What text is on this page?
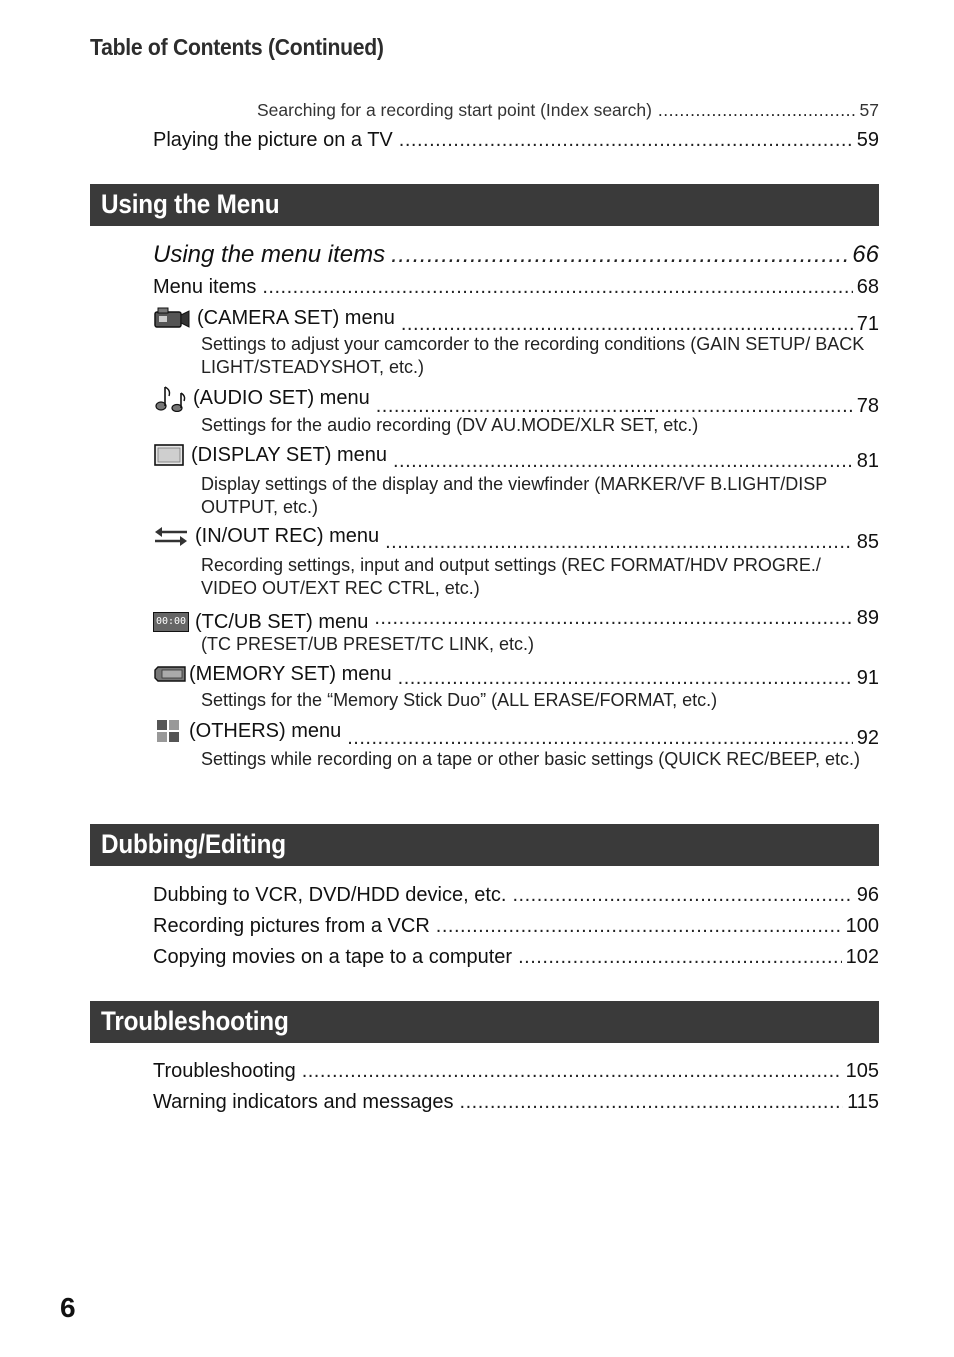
Table of Contents (Continued)
Searching for a recording start point (Index search) .....	57
Playing the picture on a TV .....	59
Using the Menu
Using the menu items .....	66
Menu items .....	68
(CAMERA SET) menu .....	71
Settings to adjust your camcorder to the recording conditions (GAIN SETUP/ BACK LIGHT/STEADYSHOT, etc.)
(AUDIO SET) menu .....	78
Settings for the audio recording (DV AU.MODE/XLR SET, etc.)
(DISPLAY SET) menu .....	81
Display settings of the display and the viewfinder (MARKER/VF B.LIGHT/DISP OUTPUT, etc.)
(IN/OUT REC) menu .....	85
Recording settings, input and output settings (REC FORMAT/HDV PROGRE./ VIDEO OUT/EXT REC CTRL, etc.)
00:00 (TC/UB SET) menu .....	89
(TC PRESET/UB PRESET/TC LINK, etc.)
(MEMORY SET) menu .....	91
Settings for the “Memory Stick Duo” (ALL ERASE/FORMAT, etc.)
(OTHERS) menu .....	92
Settings while recording on a tape or other basic settings (QUICK REC/BEEP, etc.)
Dubbing/Editing
Dubbing to VCR, DVD/HDD device, etc. .....	96
Recording pictures from a VCR .....	100
Copying movies on a tape to a computer .....	102
Troubleshooting
Troubleshooting .....	105
Warning indicators and messages .....	115
6
